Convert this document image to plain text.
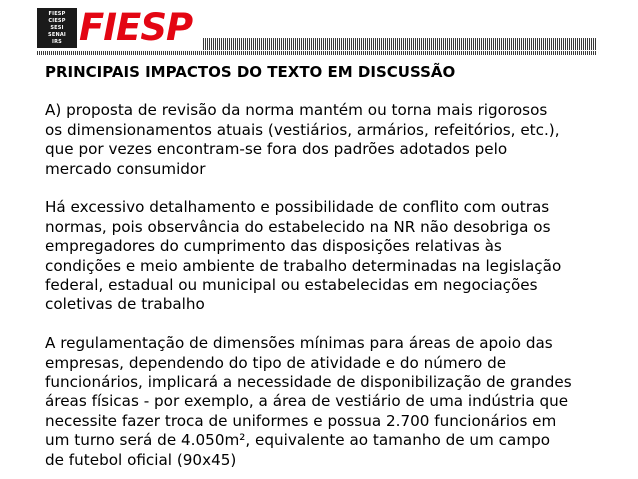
FIESP
CIESP
SESI
SENAI
IRS FIESP
PRINCIPAIS IMPACTOS DO TEXTO EM DISCUSSÃO

A) proposta de revisão da norma mantém ou torna mais rigorosos
os dimensionamentos atuais (vestiários, armários, refeitórios, etc.),
que por vezes encontram-se fora dos padrões adotados pelo
mercado consumidor

Há excessivo detalhamento e possibilidade de conflito com outras
normas, pois observância do estabelecido na NR não desobriga os
empregadores do cumprimento das disposições relativas às
condições e meio ambiente de trabalho determinadas na legislação
federal, estadual ou municipal ou estabelecidas em negociações
coletivas de trabalho

A regulamentação de dimensões mínimas para áreas de apoio das
empresas, dependendo do tipo de atividade e do número de
funcionários, implicará a necessidade de disponibilização de grandes
áreas físicas - por exemplo, a área de vestiário de uma indústria que
necessite fazer troca de uniformes e possua 2.700 funcionários em
um turno será de 4.050m², equivalente ao tamanho de um campo
de futebol oficial (90x45)
